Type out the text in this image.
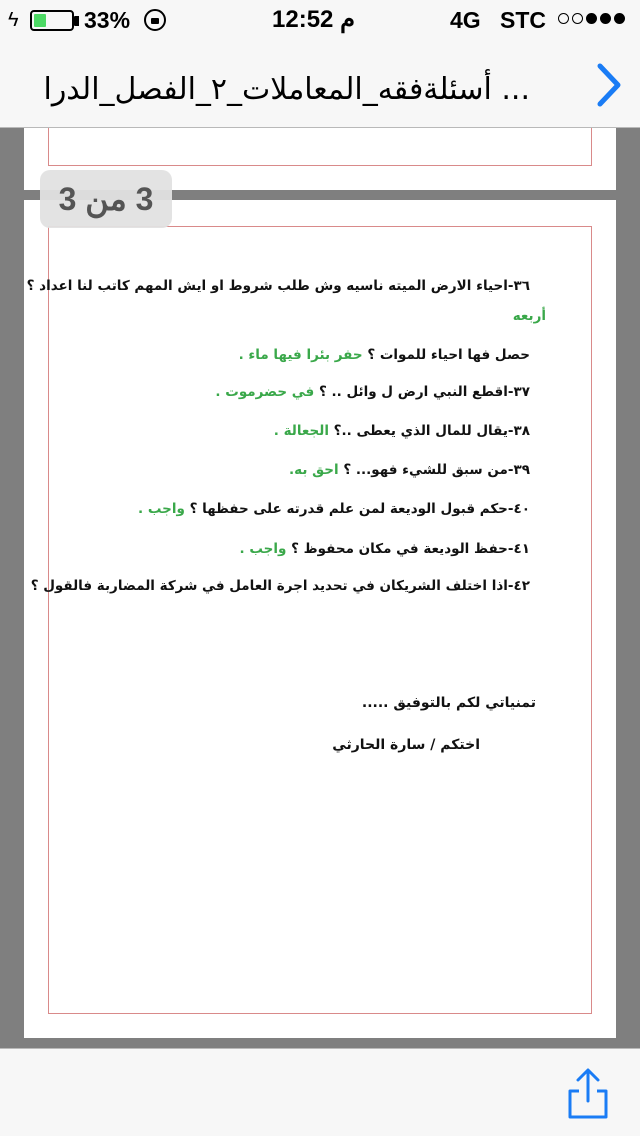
ϟ	33%	12:52 م	4G STC
أسئلةفقه_المعاملات_٢_الفصل_الدرا ...
3 من 3
٣٦-احياء الارض الميته ناسيه وش طلب شروط او ايش المهم كاتب لنا اعداد ؟
أربعه
حصل فها احياء للموات ؟ حفر بئرا فيها ماء .
٣٧-اقطع النبي ارض ل وائل .. ؟ في حضرموت .
٣٨-يقال للمال الذي يعطى ..؟ الجعالة .
٣٩-من سبق للشيء فهو... ؟ احق به.
٤٠-حكم قبول الوديعة لمن علم قدرته على حفظها ؟ واجب .
٤١-حفظ الوديعة في مكان محفوظ ؟ واجب .
٤٢-اذا اختلف الشريكان في تحديد اجرة العامل في شركة المضاربة فالقول ؟
تمنياتي لكم بالتوفيق .....
اختكم / سارة الحارثي
